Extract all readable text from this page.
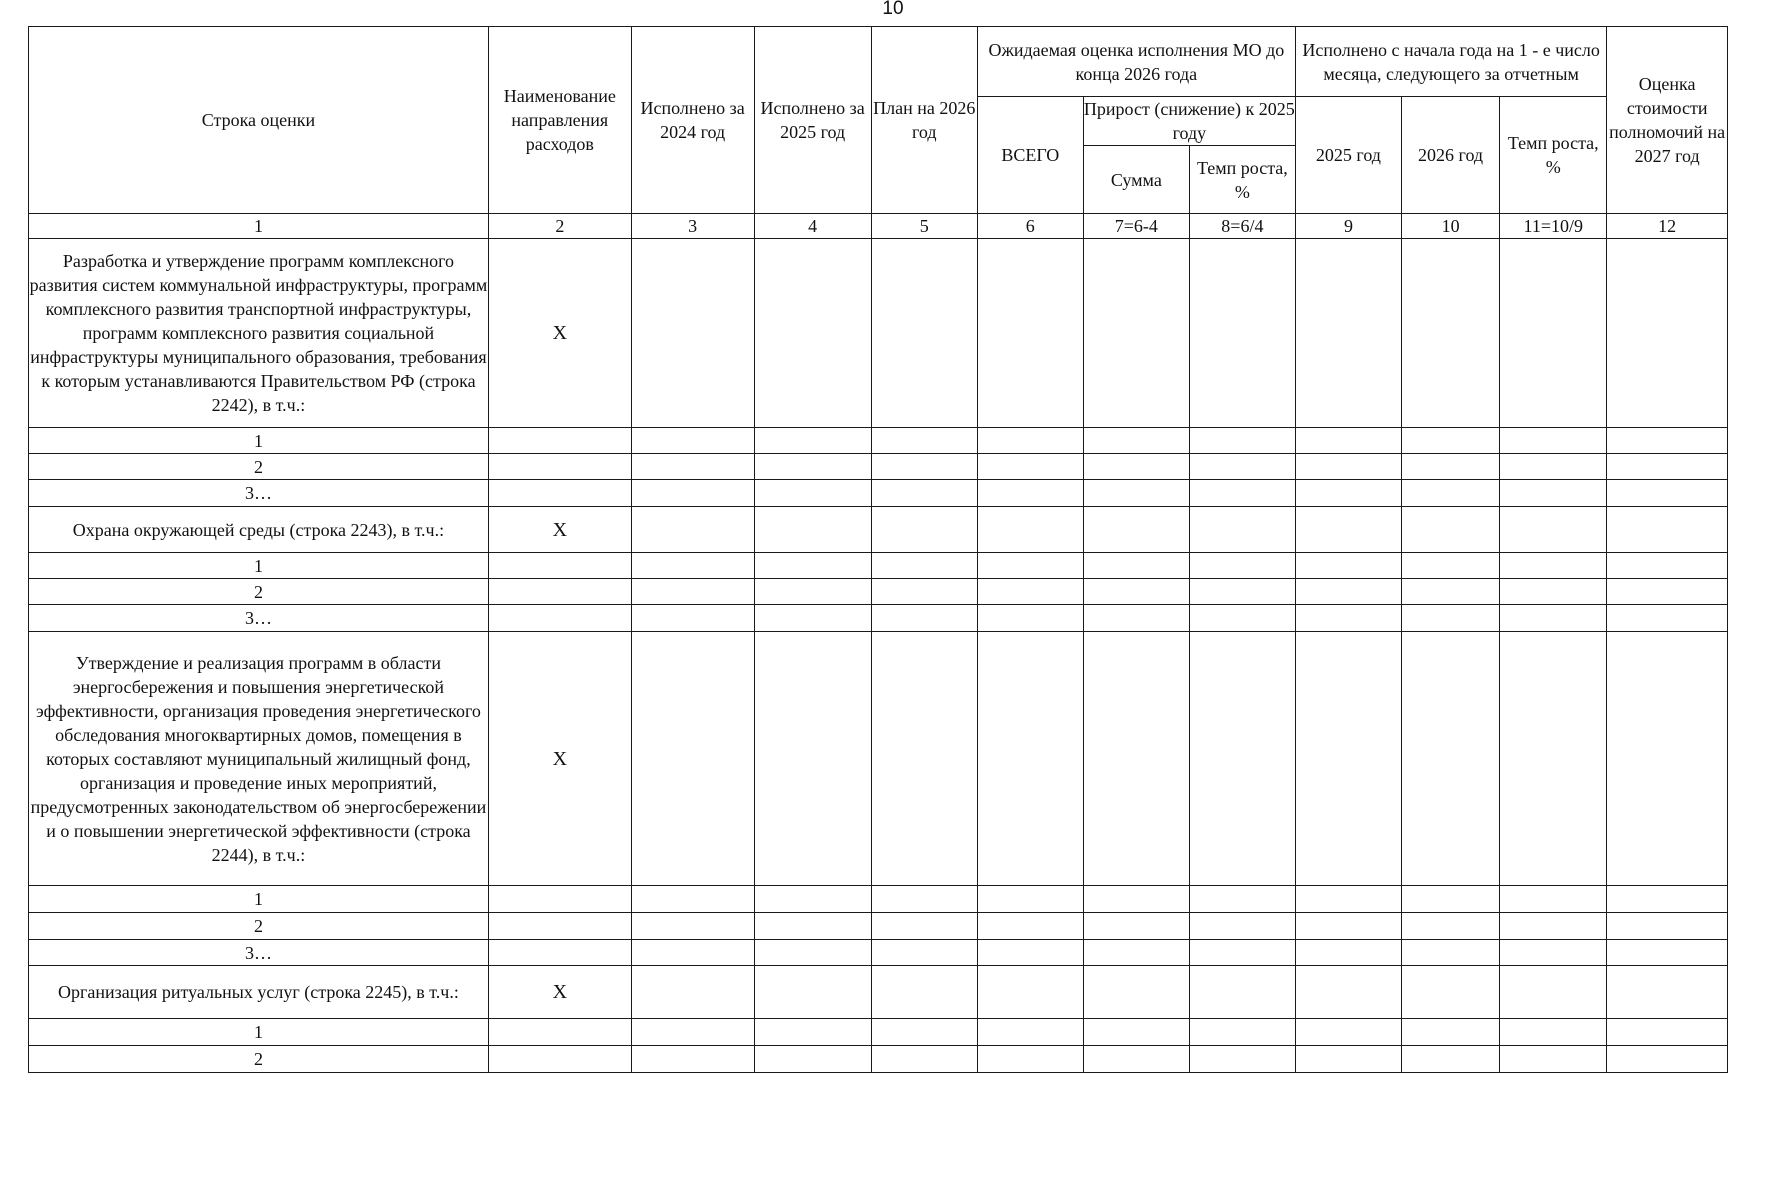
10
Строка оценки	Наименование направления расходов	Исполнено за 2024 год	Исполнено за 2025 год	План на 2026 год	Ожидаемая оценка исполнения МО до конца 2026 года			Исполнено с начала года на 1 - е число месяца, следующего за отчетным			Оценка стоимости полномочий на 2027 год
					ВСЕГО	Прирост (снижение) к 2025 году		2025 год	2026 год	Темп роста, %	
						Сумма	Темп роста, %				
1	2	3	4	5	6	7=6-4	8=6/4	9	10	11=10/9	12
Разработка и утверждение программ комплексного развития систем коммунальной инфраструктуры, программ комплексного развития транспортной инфраструктуры, программ комплексного развития социальной инфраструктуры муниципального образования, требования к которым устанавливаются Правительством РФ (строка 2242), в т.ч.:	Х										
1											
2											
3…											
Охрана окружающей среды (строка 2243), в т.ч.:	Х										
1											
2											
3…											
Утверждение и реализация программ в области энергосбережения и повышения энергетической эффективности, организация проведения энергетического обследования многоквартирных домов, помещения в которых составляют муниципальный жилищный фонд, организация и проведение иных мероприятий, предусмотренных законодательством об энергосбережении и о повышении энергетической эффективности (строка 2244), в т.ч.:	Х										
1											
2											
3…											
Организация ритуальных услуг (строка 2245), в т.ч.:	Х										
1											
2											
